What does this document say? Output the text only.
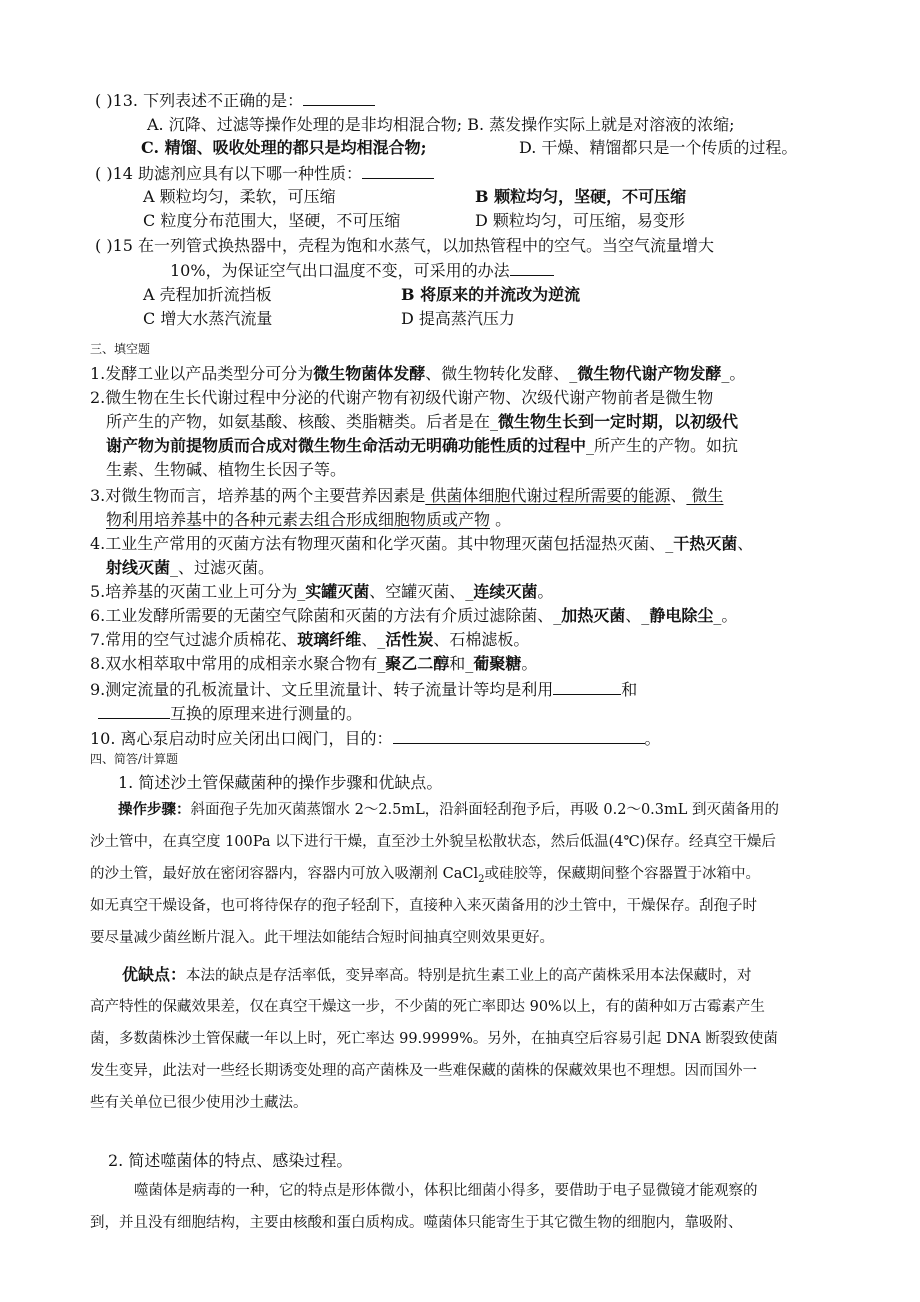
( )13. 下列表述不正确的是：
A. 沉降、过滤等操作处理的是非均相混合物; B. 蒸发操作实际上就是对溶液的浓缩;
C. 精馏、吸收处理的都只是均相混合物;	D. 干燥、精馏都只是一个传质的过程。
( )14 助滤剂应具有以下哪一种性质：
A 颗粒均匀，柔软，可压缩	B 颗粒均匀，坚硬，不可压缩
C 粒度分布范围大，坚硬，不可压缩	D 颗粒均匀，可压缩，易变形
( )15 在一列管式换热器中，壳程为饱和水蒸气，以加热管程中的空气。当空气流量增大
10%，为保证空气出口温度不变，可采用的办法
A 壳程加折流挡板	B 将原来的并流改为逆流
C 增大水蒸汽流量	D 提高蒸汽压力
三、填空题
1.发酵工业以产品类型分可分为微生物菌体发酵、微生物转化发酵、_微生物代谢产物发酵_。
2.微生物在生长代谢过程中分泌的代谢产物有初级代谢产物、次级代谢产物前者是微生物
所产生的产物，如氨基酸、核酸、类脂糖类。后者是在_微生物生长到一定时期，以初级代
谢产物为前提物质而合成对微生物生命活动无明确功能性质的过程中_所产生的产物。如抗
生素、生物碱、植物生长因子等。
3.对微生物而言，培养基的两个主要营养因素是 供菌体细胞代谢过程所需要的能源、 微生
物利用培养基中的各种元素去组合形成细胞物质或产物 。
4.工业生产常用的灭菌方法有物理灭菌和化学灭菌。其中物理灭菌包括湿热灭菌、_干热灭菌、
射线灭菌_、过滤灭菌。
5.培养基的灭菌工业上可分为_实罐灭菌、空罐灭菌、_连续灭菌。
6.工业发酵所需要的无菌空气除菌和灭菌的方法有介质过滤除菌、_加热灭菌、_静电除尘_。
7.常用的空气过滤介质棉花、玻璃纤维、_活性炭、石棉滤板。
8.双水相萃取中常用的成相亲水聚合物有_聚乙二醇和_葡聚糖。
9.测定流量的孔板流量计、文丘里流量计、转子流量计等均是利用	和
互换的原理来进行测量的。
10. 离心泵启动时应关闭出口阀门，目的：	。
四、简答/计算题
1. 简述沙土管保藏菌种的操作步骤和优缺点。
操作步骤：斜面孢子先加灭菌蒸馏水 2～2.5mL，沿斜面轻刮孢予后，再吸 0.2～0.3mL 到灭菌备用的
沙土管中，在真空度 100Pa 以下进行干燥，直至沙土外貌呈松散状态，然后低温(4℃)保存。经真空干燥后
的沙土管，最好放在密闭容器内，容器内可放入吸潮剂 CaCl$_2$或硅胶等，保藏期间整个容器置于冰箱中。
如无真空干燥设备，也可将待保存的孢子轻刮下，直接种入来灭菌备用的沙土管中，干燥保存。刮孢子时
要尽量减少菌丝断片混入。此干埋法如能结合短时间抽真空则效果更好。
优缺点：本法的缺点是存活率低，变异率高。特别是抗生素工业上的高产菌株采用本法保藏时，对
高产特性的保藏效果差，仅在真空干燥这一步，不少菌的死亡率即达 90%以上，有的菌种如万古霉素产生
菌，多数菌株沙土管保藏一年以上时，死亡率达 99.9999%。另外，在抽真空后容易引起 DNA 断裂致使菌
发生变异，此法对一些经长期诱变处理的高产菌株及一些难保藏的菌株的保藏效果也不理想。因而国外一
些有关单位已很少使用沙土藏法。
2. 简述噬菌体的特点、感染过程。
噬菌体是病毒的一种，它的特点是形体微小，体积比细菌小得多，要借助于电子显微镜才能观察的
到，并且没有细胞结构，主要由核酸和蛋白质构成。噬菌体只能寄生于其它微生物的细胞内，靠吸附、
